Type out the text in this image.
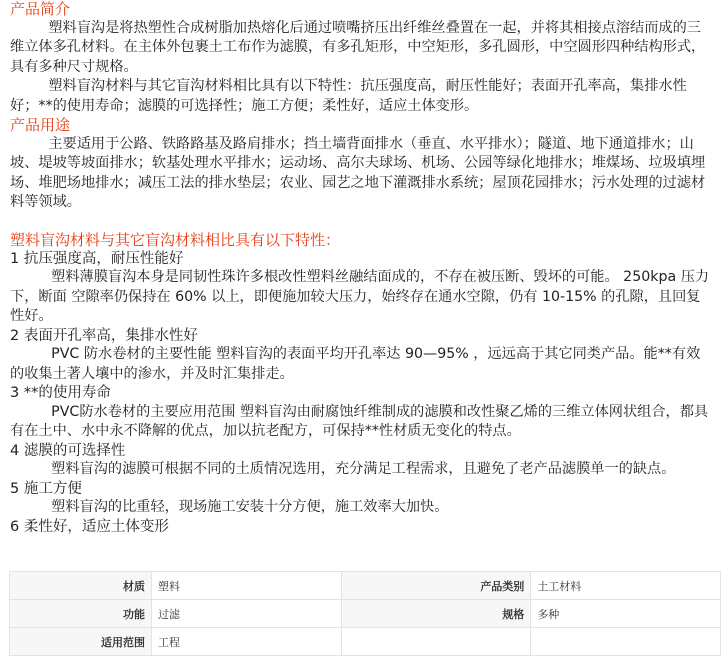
产品简介

塑料盲沟是将热塑性合成树脂加热熔化后通过喷嘴挤压出纤维丝叠置在一起，并将其相接点溶结而成的三维立体多孔材料。在主体外包裹土工布作为滤膜，有多孔矩形，中空矩形，多孔圆形，中空圆形四种结构形式，具有多种尺寸规格。

塑料盲沟材料与其它盲沟材料相比具有以下特性：抗压强度高，耐压性能好；表面开孔率高，集排水性好；**的使用寿命；滤膜的可选择性；施工方便；柔性好，适应土体变形。

产品用途

主要适用于公路、铁路路基及路肩排水；挡土墙背面排水（垂直、水平排水）；隧道、地下通道排水；山坡、堤坡等坡面排水；软基处理水平排水；运动场、高尔夫球场、机场、公园等绿化地排水；堆煤场、垃圾填埋场、堆肥场地排水；减压工法的排水垫层；农业、园艺之地下灌溉排水系统；屋顶花园排水；污水处理的过滤材料等领域。

塑料盲沟材料与其它盲沟材料相比具有以下特性：
1 抗压强度高，耐压性能好

塑料薄膜盲沟本身是同韧性珠许多根改性塑料丝融结面成的，不存在被压断、毁坏的可能。 250kpa 压力下，断面 空隙率仍保持在 60% 以上，即便施加较大压力，始终存在通水空隙，仍有 10-15% 的孔隙，且回复性好。

2 表面开孔率高，集排水性好

PVC 防水卷材的主要性能 塑料盲沟的表面平均开孔率达 90—95% ，远远高于其它同类产品。能**有效的收集土著人壤中的渗水，并及时汇集排走。

3 **的使用寿命

PVC防水卷材的主要应用范围 塑料盲沟由耐腐蚀纤维制成的滤膜和改性聚乙烯的三维立体网状组合，都具有在土中、水中永不降解的优点，加以抗老配方，可保持**性材质无变化的特点。

4 滤膜的可选择性

塑料盲沟的滤膜可根据不同的土质情况选用，充分满足工程需求，且避免了老产品滤膜单一的缺点。

5 施工方便

塑料盲沟的比重轻，现场施工安装十分方便，施工效率大加快。

6 柔性好，适应土体变形
材质	塑料	产品类别	土工材料
功能	过滤	规格	多种
适用范围	工程		
